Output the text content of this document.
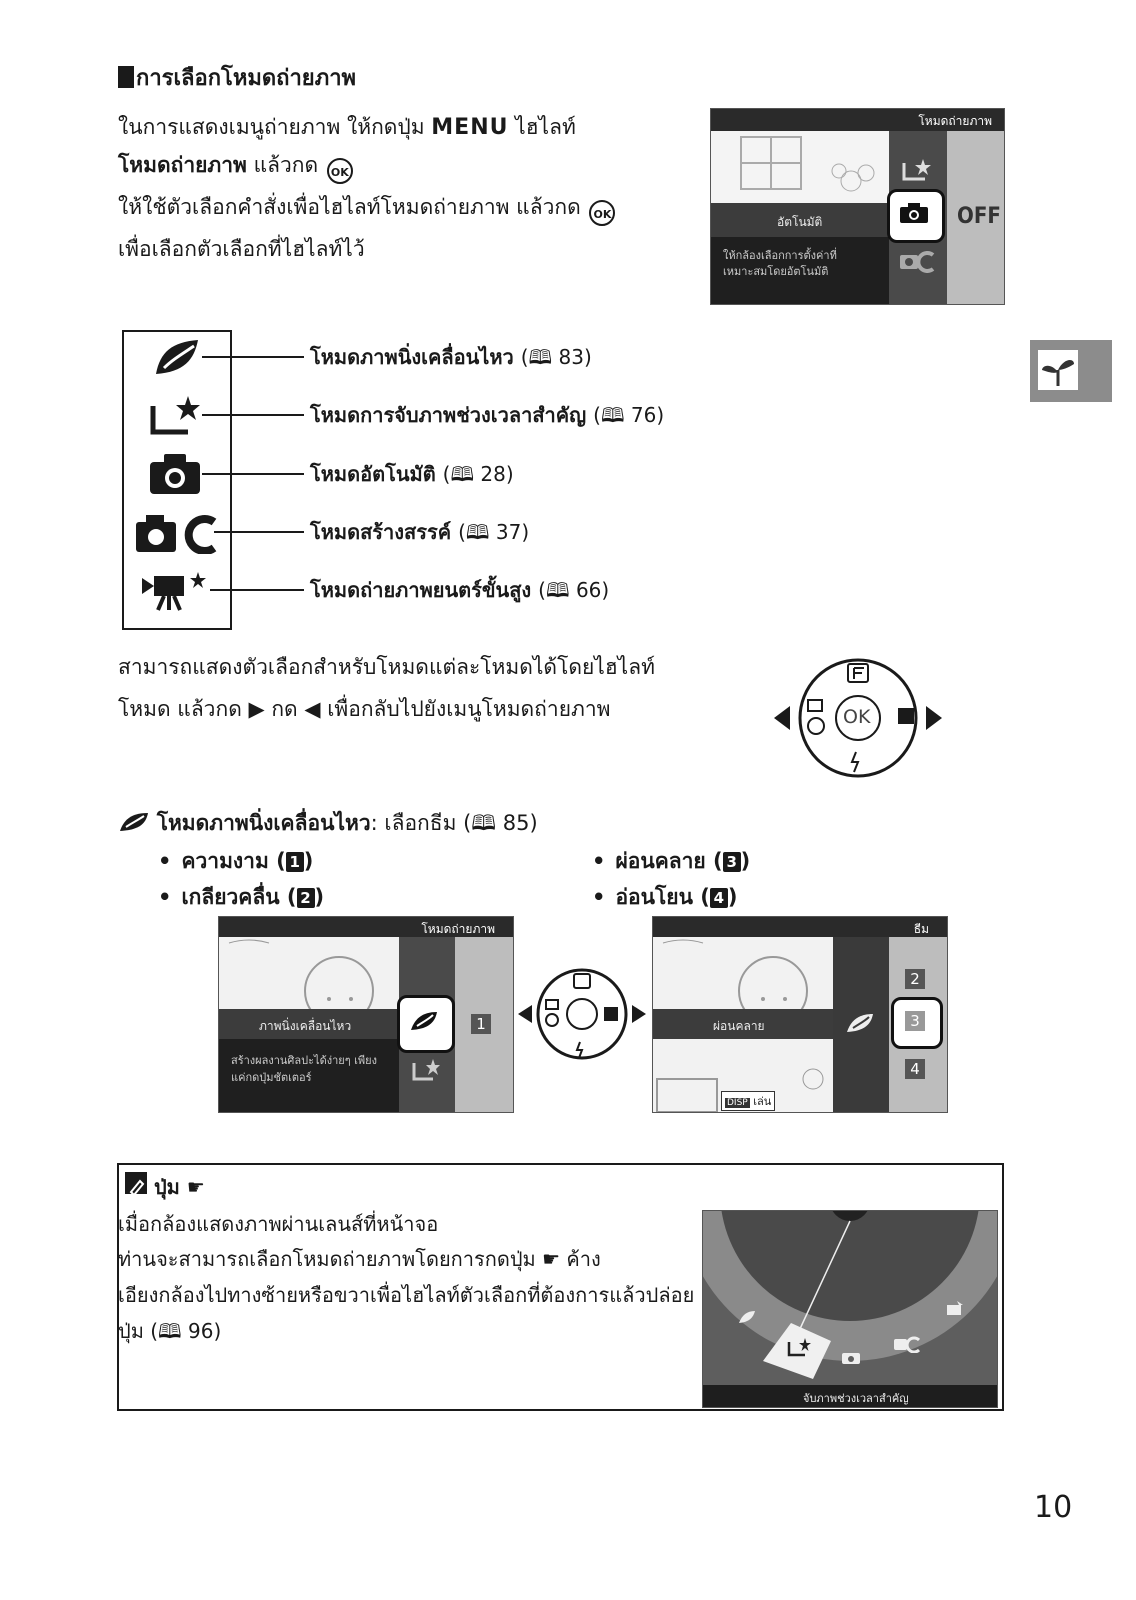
การเลือกโหมดถ่ายภาพ
ในการแสดงเมนูถ่ายภาพ ให้กดปุ่ม MENU ไฮไลท์
โหมดถ่ายภาพ แล้วกด OK
ให้ใช้ตัวเลือกคำสั่งเพื่อไฮไลท์โหมดถ่ายภาพ แล้วกด OK
เพื่อเลือกตัวเลือกที่ไฮไลท์ไว้
โหมดถ่ายภาพ
อัตโนมัติ
ให้กล้องเลือกการตั้งค่าที่
เหมาะสมโดยอัตโนมัติ
OFF
โหมดภาพนิ่งเคลื่อนไหว (🕮 83)
โหมดการจับภาพช่วงเวลาสำคัญ (🕮 76)
โหมดอัตโนมัติ (🕮 28)
โหมดสร้างสรรค์ (🕮 37)
โหมดถ่ายภาพยนตร์ขั้นสูง (🕮 66)
สามารถแสดงตัวเลือกสำหรับโหมดแต่ละโหมดได้โดยไฮไลท์
โหมด แล้วกด ▶ กด ◀ เพื่อกลับไปยังเมนูโหมดถ่ายภาพ	OK
โหมดภาพนิ่งเคลื่อนไหว: เลือกธีม (🕮 85)
• ความงาม ( 1 )
• เกลียวคลื่น ( 2 )
• ผ่อนคลาย ( 3 )
• อ่อนโยน ( 4 )
โหมดถ่ายภาพ
ภาพนิ่งเคลื่อนไหว
สร้างผลงานศิลปะได้ง่ายๆ เพียง
แค่กดปุ่มชัตเตอร์
1
ธีม
ผ่อนคลาย
DISP เล่น
2
3
4
ปุ่ม ☛
เมื่อกล้องแสดงภาพผ่านเลนส์ที่หน้าจอ
ท่านจะสามารถเลือกโหมดถ่ายภาพโดยการกดปุ่ม ☛ ค้าง
เอียงกล้องไปทางซ้ายหรือขวาเพื่อไฮไลท์ตัวเลือกที่ต้องการแล้วปล่อย
ปุ่ม (🕮 96)
จับภาพช่วงเวลาสำคัญ
10
